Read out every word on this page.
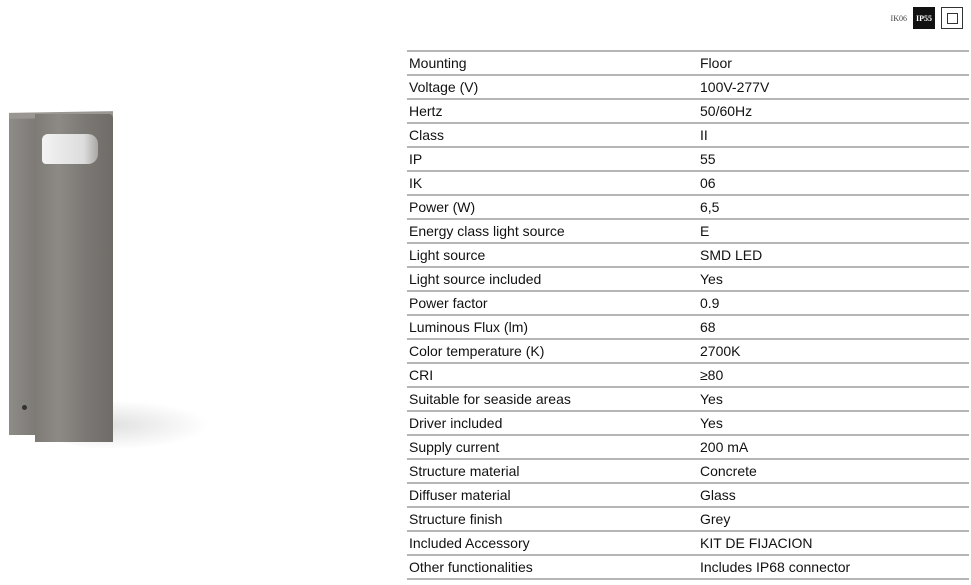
IK06	IP55
Mounting	Floor
Voltage (V)	100V-277V
Hertz	50/60Hz
Class	II
IP	55
IK	06
Power (W)	6,5
Energy class light source	E
Light source	SMD LED
Light source included	Yes
Power factor	0.9
Luminous Flux (lm)	68
Color temperature (K)	2700K
CRI	≥80
Suitable for seaside areas	Yes
Driver included	Yes
Supply current	200 mA
Structure material	Concrete
Diffuser material	Glass
Structure finish	Grey
Included Accessory	KIT DE FIJACION
Other functionalities	Includes IP68 connector
